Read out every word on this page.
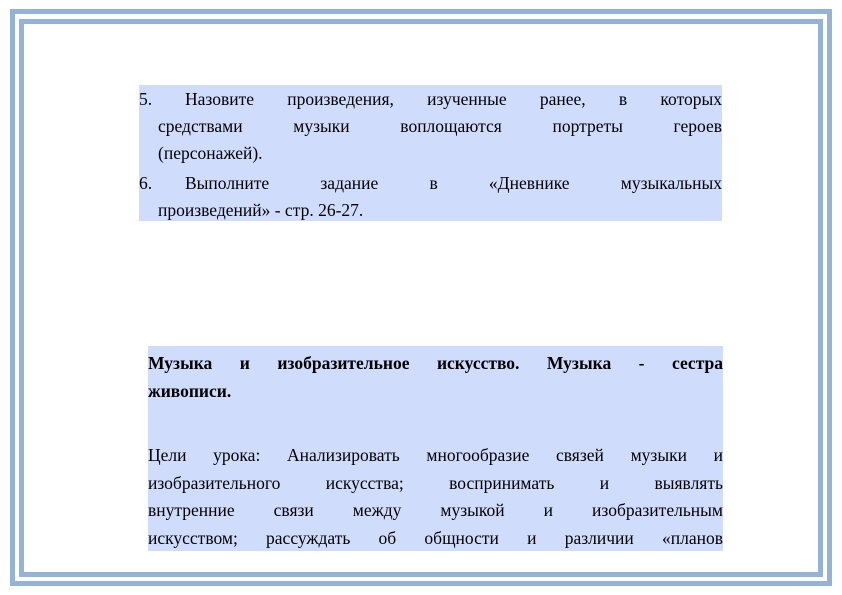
5.	Назовите произведения, изученные ранее, в которых
средствами музыки воплощаются портреты героев
(персонажей).
6.	Выполните задание в «Дневнике музыкальных
произведений» - стр. 26-27.
Музыка и изобразительное искусство. Музыка - сестра
живописи.
Цели урока: Анализировать многообразие связей музыки и
изобразительного искусства; воспринимать и выявлять
внутренние связи между музыкой и изобразительным
искусством; рассуждать об общности и различии «планов
